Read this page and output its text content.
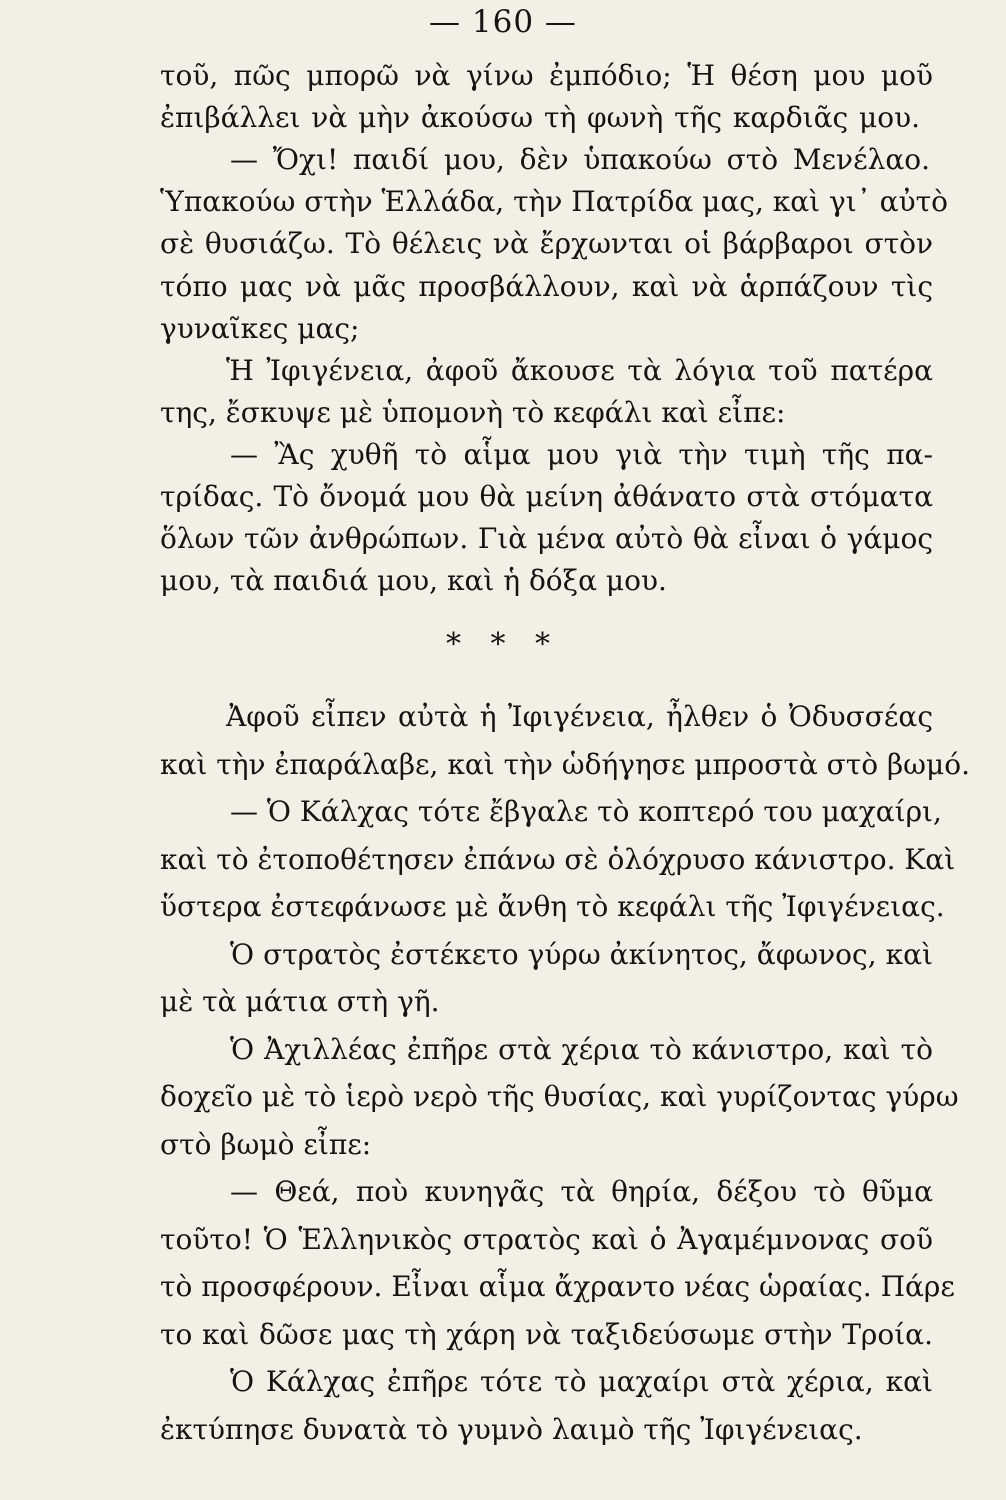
— 160 —
τοῦ, πῶς μπορῶ νὰ γίνω ἐμπόδιο; Ἡ θέση μου μοῦ
ἐπιβάλλει νὰ μὴν ἀκούσω τὴ φωνὴ τῆς καρδιᾶς μου.
— Ὄχι! παιδί μου, δὲν ὑπακούω στὸ Μενέλαο.
Ὑπακούω στὴν Ἑλλάδα, τὴν Πατρίδα μας, καὶ γι᾽ αὐτὸ
σὲ θυσιάζω. Τὸ θέλεις νὰ ἔρχωνται οἱ βάρβαροι στὸν
τόπο μας νὰ μᾶς προσβάλλουν, καὶ νὰ ἁρπάζουν τὶς
γυναῖκες μας;
Ἡ Ἰφιγένεια, ἀφοῦ ἄκουσε τὰ λόγια τοῦ πατέρα
της, ἔσκυψε μὲ ὑπομονὴ τὸ κεφάλι καὶ εἶπε:
— Ἂς χυθῆ τὸ αἷμα μου γιὰ τὴν τιμὴ τῆς πα-
τρίδας. Τὸ ὄνομά μου θὰ μείνη ἀθάνατο στὰ στόματα
ὅλων τῶν ἀνθρώπων. Γιὰ μένα αὐτὸ θὰ εἶναι ὁ γάμος
μου, τὰ παιδιά μου, καὶ ἡ δόξα μου.
* * *
Ἀφοῦ εἶπεν αὐτὰ ἡ Ἰφιγένεια, ἦλθεν ὁ Ὀδυσσέας
καὶ τὴν ἐπαράλαβε, καὶ τὴν ὡδήγησε μπροστὰ στὸ βωμό.
— Ὁ Κάλχας τότε ἔβγαλε τὸ κοπτερό του μαχαίρι,
καὶ τὸ ἐτοποθέτησεν ἐπάνω σὲ ὁλόχρυσο κάνιστρο. Καὶ
ὕστερα ἐστεφάνωσε μὲ ἄνθη τὸ κεφάλι τῆς Ἰφιγένειας.
Ὁ στρατὸς ἐστέκετο γύρω ἀκίνητος, ἄφωνος, καὶ
μὲ τὰ μάτια στὴ γῆ.
Ὁ Ἀχιλλέας ἐπῆρε στὰ χέρια τὸ κάνιστρο, καὶ τὸ
δοχεῖο μὲ τὸ ἱερὸ νερὸ τῆς θυσίας, καὶ γυρίζοντας γύρω
στὸ βωμὸ εἶπε:
— Θεά, ποὺ κυνηγᾶς τὰ θηρία, δέξου τὸ θῦμα
τοῦτο! Ὁ Ἑλληνικὸς στρατὸς καὶ ὁ Ἀγαμέμνονας σοῦ
τὸ προσφέρουν. Εἶναι αἷμα ἄχραντο νέας ὡραίας. Πάρε
το καὶ δῶσε μας τὴ χάρη νὰ ταξιδεύσωμε στὴν Τροία.
Ὁ Κάλχας ἐπῆρε τότε τὸ μαχαίρι στὰ χέρια, καὶ
ἐκτύπησε δυνατὰ τὸ γυμνὸ λαιμὸ τῆς Ἰφιγένειας.
